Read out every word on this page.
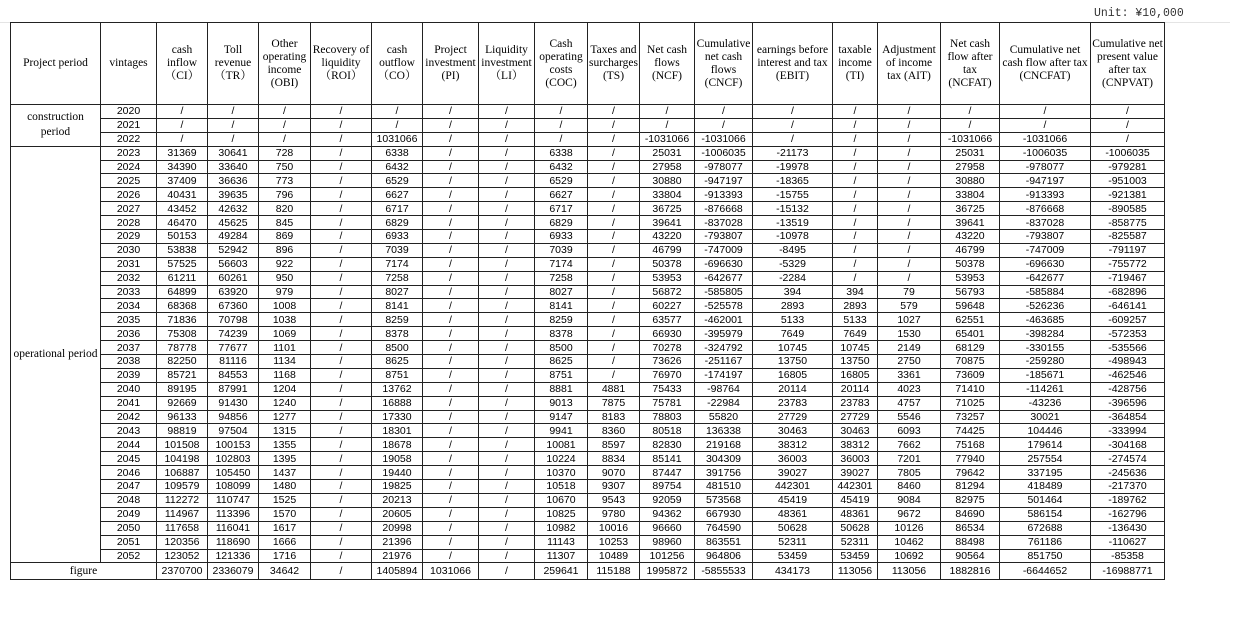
Unit: ¥10,000
Project period	vintages	cash inflow （CI）	Toll revenue （TR）	Other operating income (OBI)	Recovery of liquidity （ROI）	cash outflow （CO）	Project investment (PI)	Liquidity investment （LI）	Cash operating costs (COC)	Taxes and surcharges (TS)	Net cash flows (NCF)	Cumulative net cash flows (CNCF)	earnings before interest and tax (EBIT)	taxable income (TI)	Adjustment of income tax (AIT)	Net cash flow after tax (NCFAT)	Cumulative net cash flow after tax (CNCFAT)	Cumulative net present value after tax (CNPVAT)
construction period	2020	/	/	/	/	/	/	/	/	/	/	/	/	/	/	/	/	/
	2021	/	/	/	/	/	/	/	/	/	/	/	/	/	/	/	/	/
	2022	/	/	/	/	1031066	/	/	/	/	-1031066	-1031066	/	/	/	-1031066	-1031066	/
operational period	2023	31369	30641	728	/	6338	/	/	6338	/	25031	-1006035	-21173	/	/	25031	-1006035	-1006035
	2024	34390	33640	750	/	6432	/	/	6432	/	27958	-978077	-19978	/	/	27958	-978077	-979281
	2025	37409	36636	773	/	6529	/	/	6529	/	30880	-947197	-18365	/	/	30880	-947197	-951003
	2026	40431	39635	796	/	6627	/	/	6627	/	33804	-913393	-15755	/	/	33804	-913393	-921381
	2027	43452	42632	820	/	6717	/	/	6717	/	36725	-876668	-15132	/	/	36725	-876668	-890585
	2028	46470	45625	845	/	6829	/	/	6829	/	39641	-837028	-13519	/	/	39641	-837028	-858775
	2029	50153	49284	869	/	6933	/	/	6933	/	43220	-793807	-10978	/	/	43220	-793807	-825587
	2030	53838	52942	896	/	7039	/	/	7039	/	46799	-747009	-8495	/	/	46799	-747009	-791197
	2031	57525	56603	922	/	7174	/	/	7174	/	50378	-696630	-5329	/	/	50378	-696630	-755772
	2032	61211	60261	950	/	7258	/	/	7258	/	53953	-642677	-2284	/	/	53953	-642677	-719467
	2033	64899	63920	979	/	8027	/	/	8027	/	56872	-585805	394	394	79	56793	-585884	-682896
	2034	68368	67360	1008	/	8141	/	/	8141	/	60227	-525578	2893	2893	579	59648	-526236	-646141
	2035	71836	70798	1038	/	8259	/	/	8259	/	63577	-462001	5133	5133	1027	62551	-463685	-609257
	2036	75308	74239	1069	/	8378	/	/	8378	/	66930	-395979	7649	7649	1530	65401	-398284	-572353
	2037	78778	77677	1101	/	8500	/	/	8500	/	70278	-324792	10745	10745	2149	68129	-330155	-535566
	2038	82250	81116	1134	/	8625	/	/	8625	/	73626	-251167	13750	13750	2750	70875	-259280	-498943
	2039	85721	84553	1168	/	8751	/	/	8751	/	76970	-174197	16805	16805	3361	73609	-185671	-462546
	2040	89195	87991	1204	/	13762	/	/	8881	4881	75433	-98764	20114	20114	4023	71410	-114261	-428756
	2041	92669	91430	1240	/	16888	/	/	9013	7875	75781	-22984	23783	23783	4757	71025	-43236	-396596
	2042	96133	94856	1277	/	17330	/	/	9147	8183	78803	55820	27729	27729	5546	73257	30021	-364854
	2043	98819	97504	1315	/	18301	/	/	9941	8360	80518	136338	30463	30463	6093	74425	104446	-333994
	2044	101508	100153	1355	/	18678	/	/	10081	8597	82830	219168	38312	38312	7662	75168	179614	-304168
	2045	104198	102803	1395	/	19058	/	/	10224	8834	85141	304309	36003	36003	7201	77940	257554	-274574
	2046	106887	105450	1437	/	19440	/	/	10370	9070	87447	391756	39027	39027	7805	79642	337195	-245636
	2047	109579	108099	1480	/	19825	/	/	10518	9307	89754	481510	442301	442301	8460	81294	418489	-217370
	2048	112272	110747	1525	/	20213	/	/	10670	9543	92059	573568	45419	45419	9084	82975	501464	-189762
	2049	114967	113396	1570	/	20605	/	/	10825	9780	94362	667930	48361	48361	9672	84690	586154	-162796
	2050	117658	116041	1617	/	20998	/	/	10982	10016	96660	764590	50628	50628	10126	86534	672688	-136430
	2051	120356	118690	1666	/	21396	/	/	11143	10253	98960	863551	52311	52311	10462	88498	761186	-110627
	2052	123052	121336	1716	/	21976	/	/	11307	10489	101256	964806	53459	53459	10692	90564	851750	-85358
figure		2370700	2336079	34642	/	1405894	1031066	/	259641	115188	1995872	-5855533	434173	113056	113056	1882816	-6644652	-16988771
